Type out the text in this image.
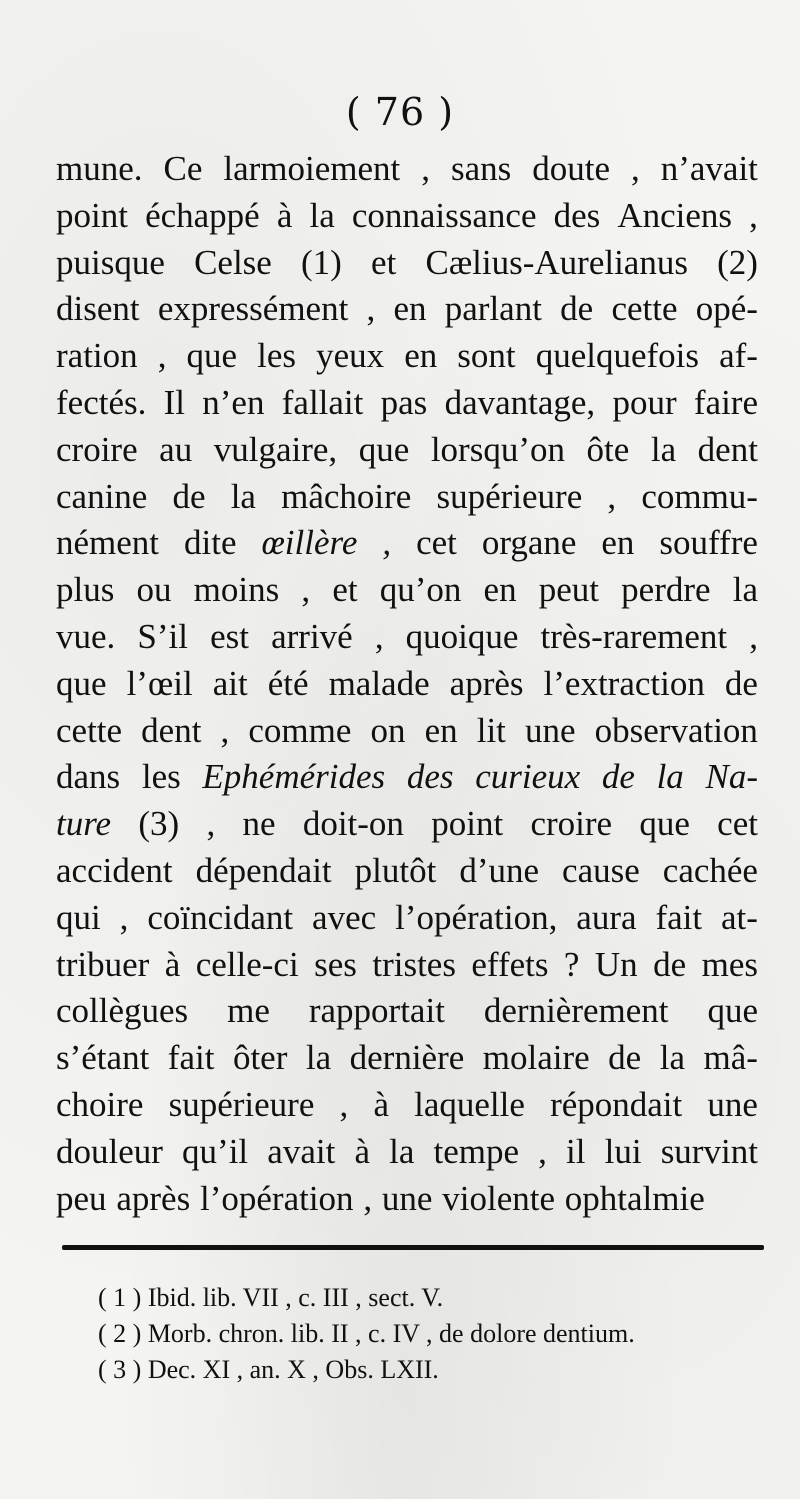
( 76 )
mune. Ce larmoiement , sans doute , n’avait
point échappé à la connaissance des Anciens ,
puisque Celse (1) et Cælius-Aurelianus (2)
disent expressément , en parlant de cette opé-
ration , que les yeux en sont quelquefois af-
fectés. Il n’en fallait pas davantage, pour faire
croire au vulgaire, que lorsqu’on ôte la dent
canine de la mâchoire supérieure , commu-
nément dite œillère , cet organe en souffre
plus ou moins , et qu’on en peut perdre la
vue. S’il est arrivé , quoique très-rarement ,
que l’œil ait été malade après l’extraction de
cette dent , comme on en lit une observation
dans les Ephémérides des curieux de la Na-
ture (3) , ne doit-on point croire que cet
accident dépendait plutôt d’une cause cachée
qui , coïncidant avec l’opération, aura fait at-
tribuer à celle-ci ses tristes effets ? Un de mes
collègues me rapportait dernièrement que
s’étant fait ôter la dernière molaire de la mâ-
choire supérieure , à laquelle répondait une
douleur qu’il avait à la tempe , il lui survint
peu après l’opération , une violente ophtalmie
( 1 ) Ibid. lib. VII , c. III , sect. V.
( 2 ) Morb. chron. lib. II , c. IV , de dolore dentium.
( 3 ) Dec. XI , an. X , Obs. LXII.
